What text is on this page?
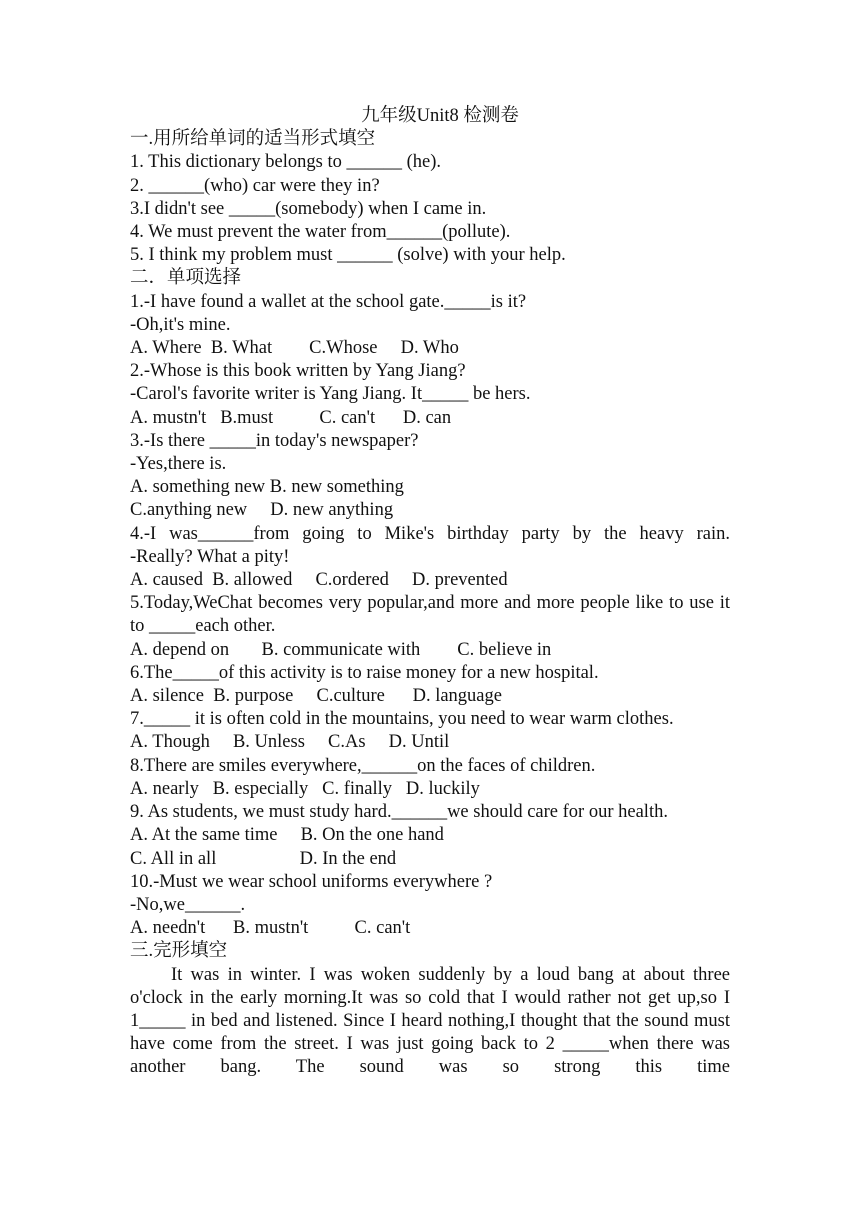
九年级Unit8 检测卷
一.用所给单词的适当形式填空
1. This dictionary belongs to ______ (he).
2. ______(who) car were they in?
3.I didn't see _____(somebody) when I came in.
4. We must prevent the water from______(pollute).
5. I think my problem must ______ (solve) with your help.
二．单项选择
1.-I have found a wallet at the school gate._____is it?
-Oh,it's mine.
A. Where  B. What        C.Whose     D. Who
2.-Whose is this book written by Yang Jiang?
-Carol's favorite writer is Yang Jiang. It_____ be hers.
A. mustn't   B.must          C. can't      D. can
3.-Is there _____in today's newspaper?
-Yes,there is.
A. something new B. new something
C.anything new     D. new anything
4.-I was______from going to Mike's birthday party by the heavy rain.
-Really? What a pity!
A. caused  B. allowed     C.ordered     D. prevented
5.Today,WeChat becomes very popular,and more and more people like to use it to _____each other.
A. depend on       B. communicate with        C. believe in
6.The_____of this activity is to raise money for a new hospital.
A. silence  B. purpose     C.culture      D. language
7._____ it is often cold in the mountains, you need to wear warm clothes.
A. Though     B. Unless     C.As     D. Until
8.There are smiles everywhere,______on the faces of children.
A. nearly   B. especially   C. finally   D. luckily
9. As students, we must study hard.______we should care for our health.
A. At the same time     B. On the one hand
C. All in all                  D. In the end
10.-Must we wear school uniforms everywhere ?
-No,we______.
A. needn't      B. mustn't          C. can't
三.完形填空
It was in winter. I was woken suddenly by a loud bang at about three o'clock in the early morning.It was so cold that I would rather not get up,so I 1_____ in bed and listened. Since I heard nothing,I thought that the sound must have come from the street. I was just going back to 2 _____when there was another bang. The sound was so strong this time
